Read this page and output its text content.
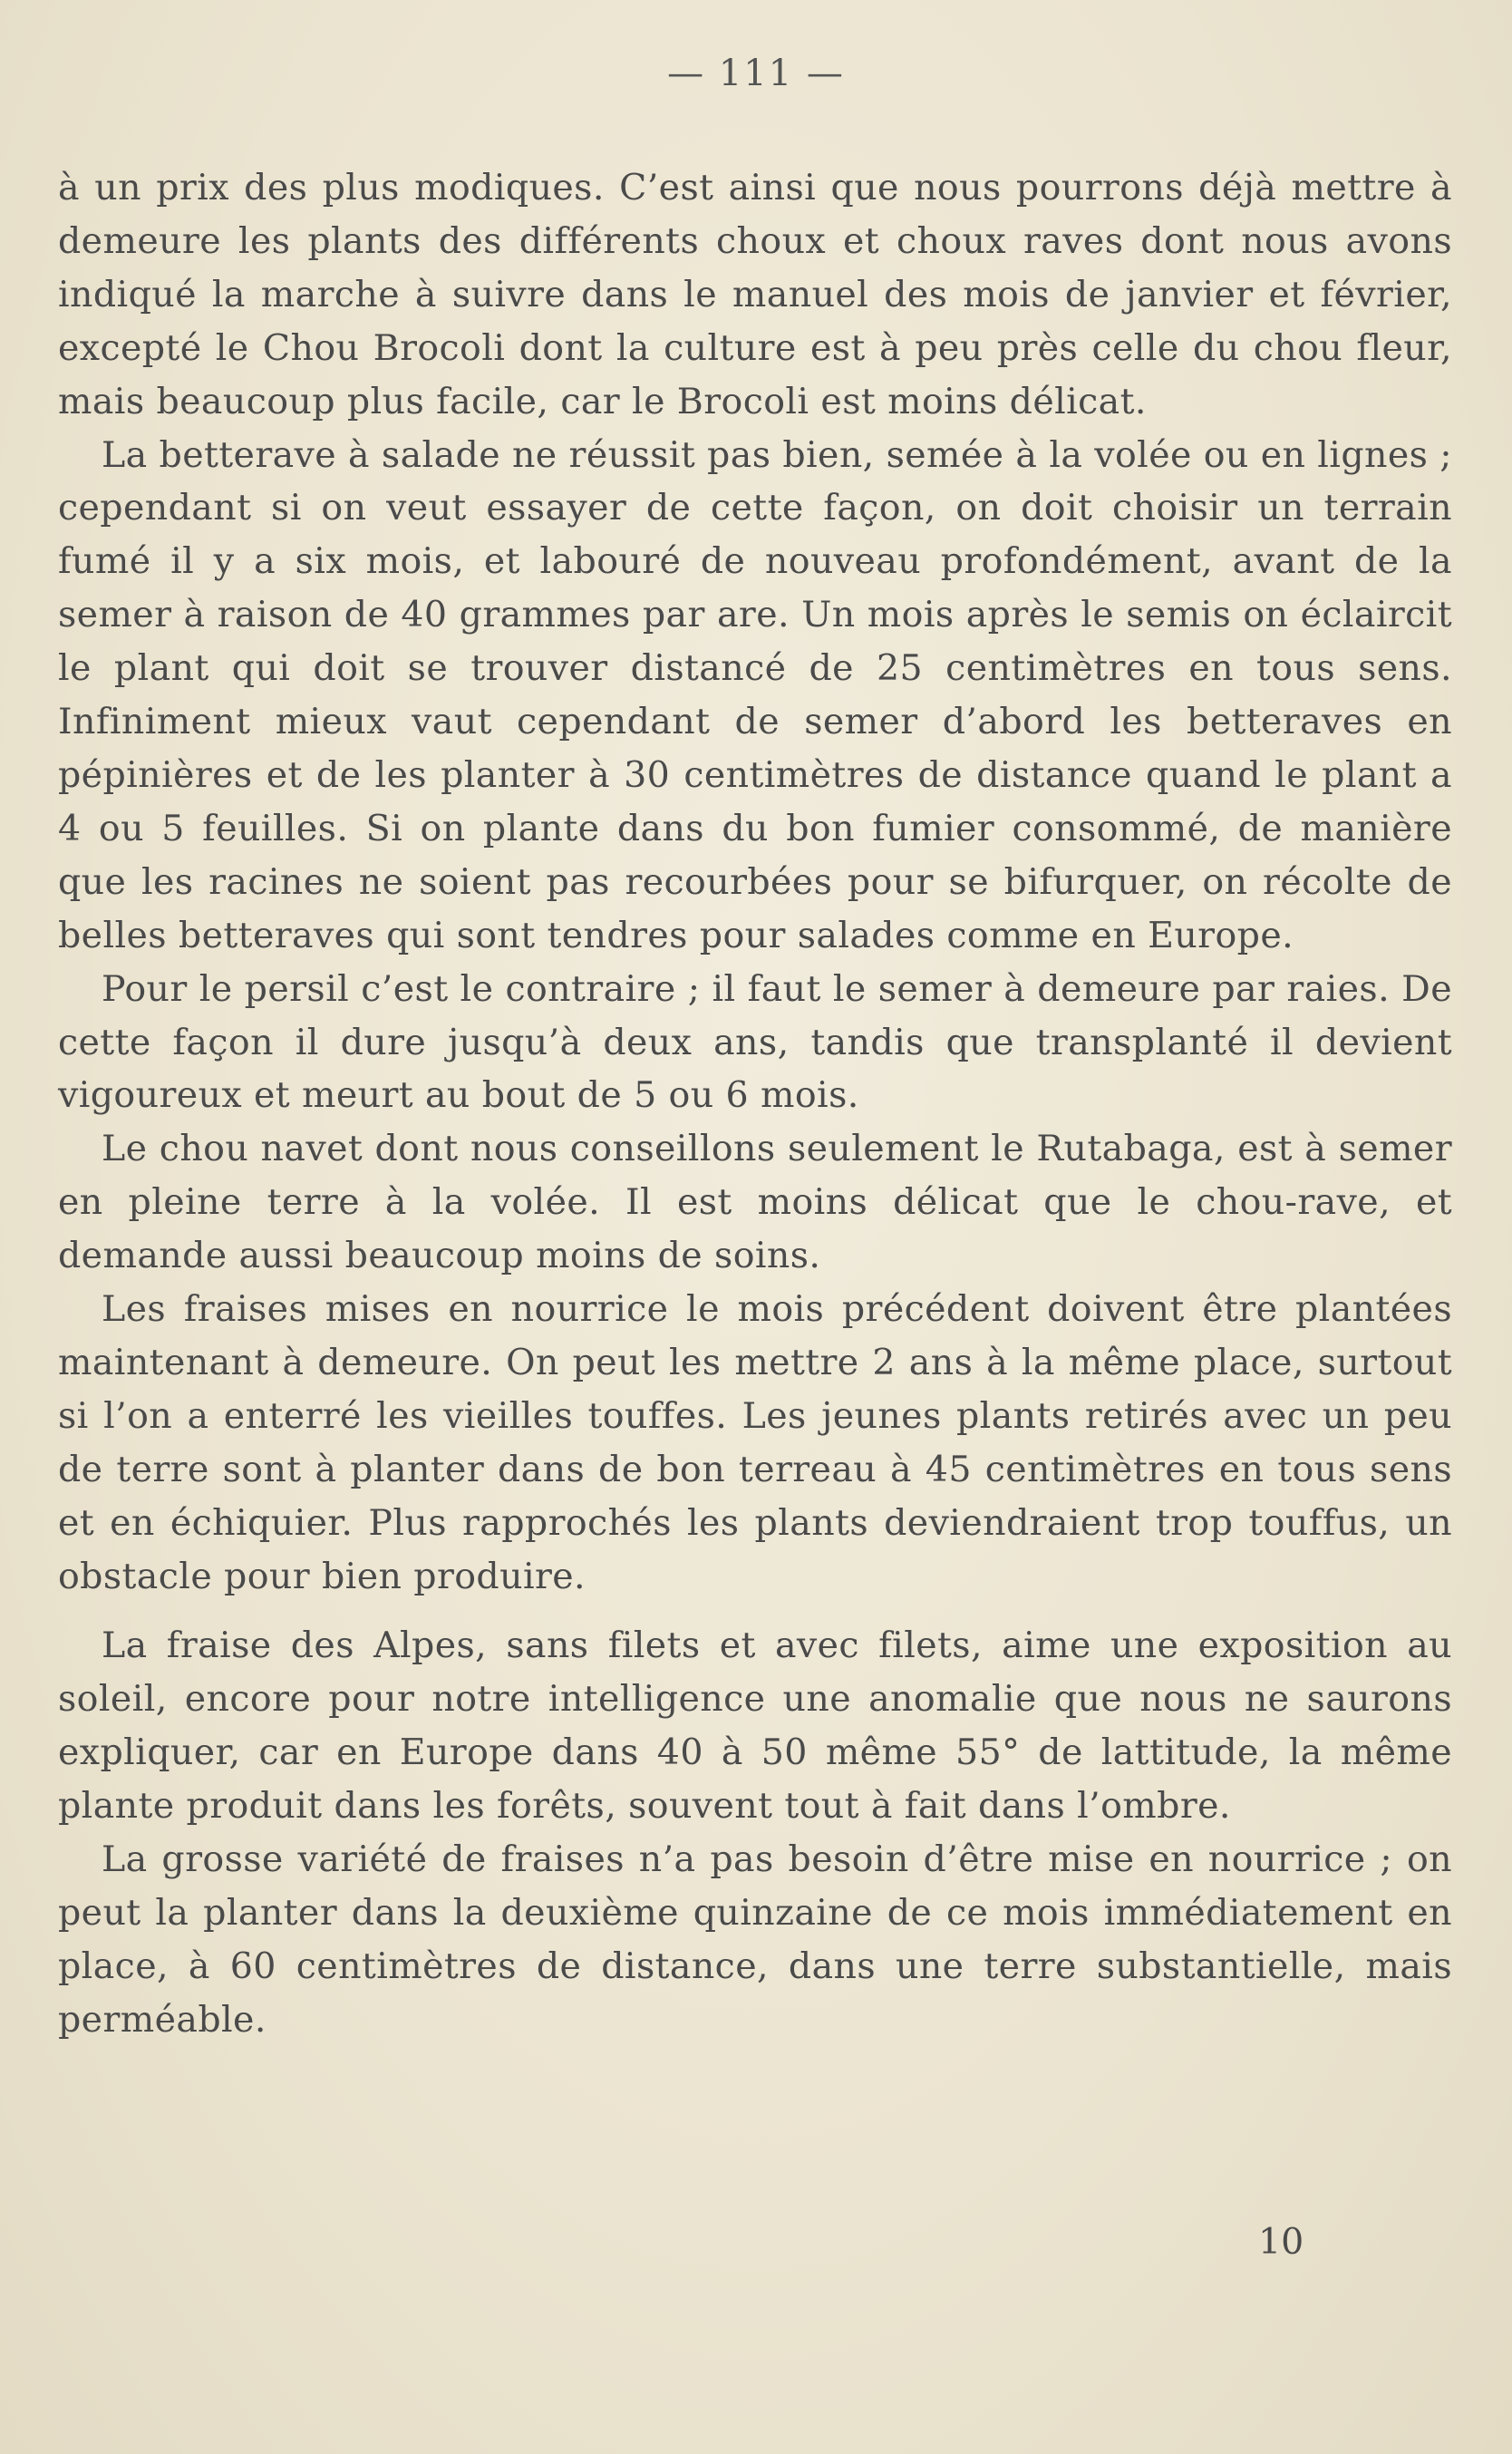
— 111 —

à un prix des plus modiques. C’est ainsi que nous pourrons déjà mettre à demeure les plants des différents choux et choux raves dont nous avons indiqué la marche à suivre dans le manuel des mois de janvier et février, excepté le Chou Brocoli dont la culture est à peu près celle du chou fleur, mais beaucoup plus facile, car le Brocoli est moins délicat.

La betterave à salade ne réussit pas bien, semée à la volée ou en lignes ; cependant si on veut essayer de cette façon, on doit choisir un terrain fumé il y a six mois, et labouré de nouveau profondément, avant de la semer à raison de 40 grammes par are. Un mois après le semis on éclaircit le plant qui doit se trouver distancé de 25 centimètres en tous sens. Infiniment mieux vaut cependant de semer d’abord les betteraves en pépinières et de les planter à 30 centimètres de distance quand le plant a 4 ou 5 feuilles. Si on plante dans du bon fumier consommé, de manière que les racines ne soient pas recourbées pour se bifurquer, on récolte de belles betteraves qui sont tendres pour salades comme en Europe.

Pour le persil c’est le contraire ; il faut le semer à demeure par raies. De cette façon il dure jusqu’à deux ans, tandis que transplanté il devient vigoureux et meurt au bout de 5 ou 6 mois.

Le chou navet dont nous conseillons seulement le Rutabaga, est à semer en pleine terre à la volée. Il est moins délicat que le chou-rave, et demande aussi beaucoup moins de soins.

Les fraises mises en nourrice le mois précédent doivent être plantées maintenant à demeure. On peut les mettre 2 ans à la même place, surtout si l’on a enterré les vieilles touffes. Les jeunes plants retirés avec un peu de terre sont à planter dans de bon terreau à 45 centimètres en tous sens et en échiquier. Plus rapprochés les plants deviendraient trop touffus, un obstacle pour bien produire.

La fraise des Alpes, sans filets et avec filets, aime une exposition au soleil, encore pour notre intelligence une anomalie que nous ne saurons expliquer, car en Europe dans 40 à 50 même 55° de lattitude, la même plante produit dans les forêts, souvent tout à fait dans l’ombre.

La grosse variété de fraises n’a pas besoin d’être mise en nourrice ; on peut la planter dans la deuxième quinzaine de ce mois immédiatement en place, à 60 centimètres de distance, dans une terre substantielle, mais perméable.

10
